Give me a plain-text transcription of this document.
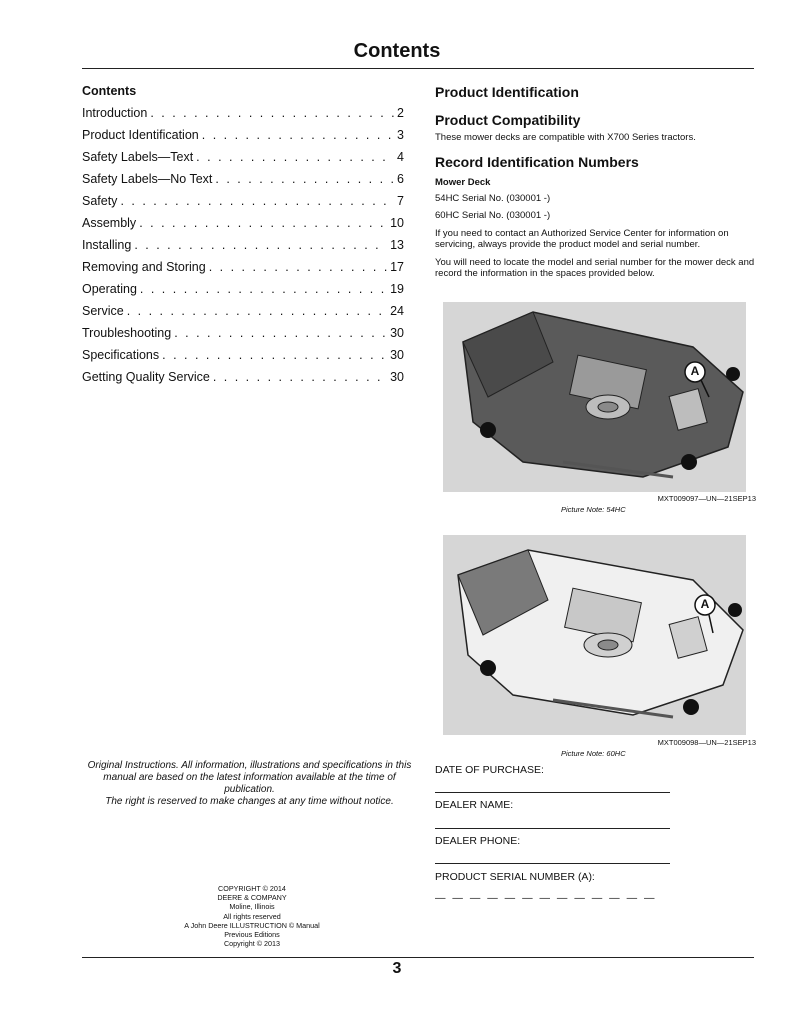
Contents
Contents
Introduction . . .	2
Product Identification . . .	3
Safety Labels—Text . . .	4
Safety Labels—No Text . . .	6
Safety . . .	7
Assembly . . .	10
Installing . . .	13
Removing and Storing . . .	17
Operating . . .	19
Service . . .	24
Troubleshooting . . .	30
Specifications . . .	30
Getting Quality Service . . .	30
Original Instructions. All information, illustrations and specifications in this
manual are based on the latest information available at the time of
publication.
The right is reserved to make changes at any time without notice.
COPYRIGHT © 2014
DEERE & COMPANY
Moline, Illinois
All rights reserved
A John Deere ILLUSTRUCTION © Manual
Previous Editions
Copyright © 2013
Product Identification
Product Compatibility
These mower decks are compatible with X700 Series tractors.
Record Identification Numbers
Mower Deck
54HC Serial No. (030001 -)
60HC Serial No. (030001 -)
If you need to contact an Authorized Service Center for information on servicing, always provide the product model and serial number.
You will need to locate the model and serial number for the mower deck and record the information in the spaces provided below.
A
MXT009097—UN—21SEP13
Picture Note: 54HC
A
MXT009098—UN—21SEP13
Picture Note: 60HC
DATE OF PURCHASE:
DEALER NAME:
DEALER PHONE:
PRODUCT SERIAL NUMBER (A):
— — — — — — — — — — — — —
3
